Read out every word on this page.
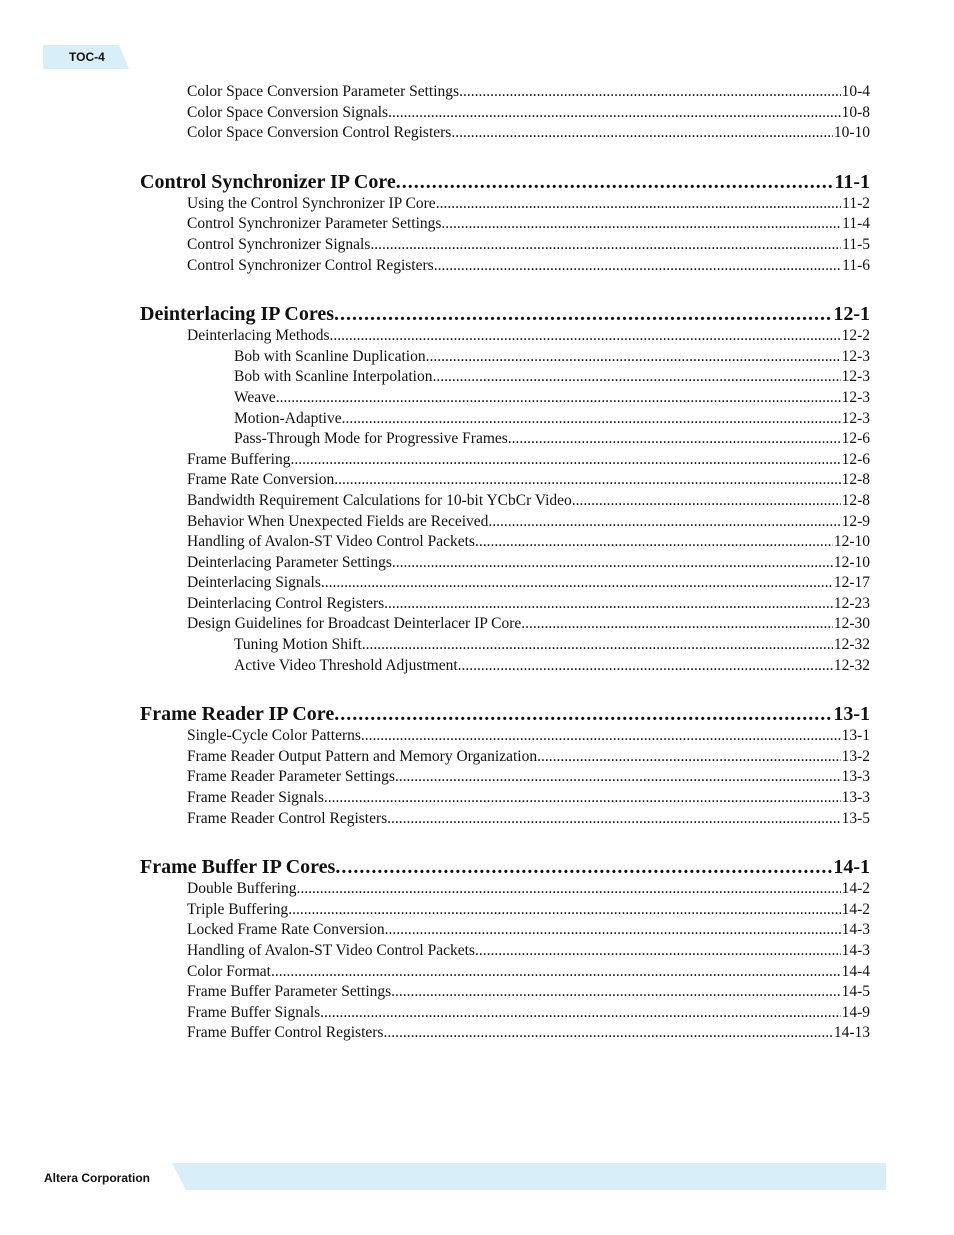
TOC-4
Color Space Conversion Parameter Settings .....	10-4
Color Space Conversion Signals .....	10-8
Color Space Conversion Control Registers .....	10-10
Control Synchronizer IP Core .....	11-1
Using the Control Synchronizer IP Core .....	11-2
Control Synchronizer Parameter Settings .....	11-4
Control Synchronizer Signals .....	11-5
Control Synchronizer Control Registers .....	11-6
Deinterlacing IP Cores .....	12-1
Deinterlacing Methods .....	12-2
Bob with Scanline Duplication .....	12-3
Bob with Scanline Interpolation .....	12-3
Weave .....	12-3
Motion-Adaptive .....	12-3
Pass-Through Mode for Progressive Frames .....	12-6
Frame Buffering .....	12-6
Frame Rate Conversion .....	12-8
Bandwidth Requirement Calculations for 10-bit YCbCr Video .....	12-8
Behavior When Unexpected Fields are Received .....	12-9
Handling of Avalon-ST Video Control Packets .....	12-10
Deinterlacing Parameter Settings .....	12-10
Deinterlacing Signals .....	12-17
Deinterlacing Control Registers .....	12-23
Design Guidelines for Broadcast Deinterlacer IP Core .....	12-30
Tuning Motion Shift .....	12-32
Active Video Threshold Adjustment .....	12-32
Frame Reader IP Core .....	13-1
Single-Cycle Color Patterns .....	13-1
Frame Reader Output Pattern and Memory Organization .....	13-2
Frame Reader Parameter Settings .....	13-3
Frame Reader Signals .....	13-3
Frame Reader Control Registers .....	13-5
Frame Buffer IP Cores .....	14-1
Double Buffering .....	14-2
Triple Buffering .....	14-2
Locked Frame Rate Conversion .....	14-3
Handling of Avalon-ST Video Control Packets .....	14-3
Color Format .....	14-4
Frame Buffer Parameter Settings .....	14-5
Frame Buffer Signals .....	14-9
Frame Buffer Control Registers .....	14-13
Altera Corporation
